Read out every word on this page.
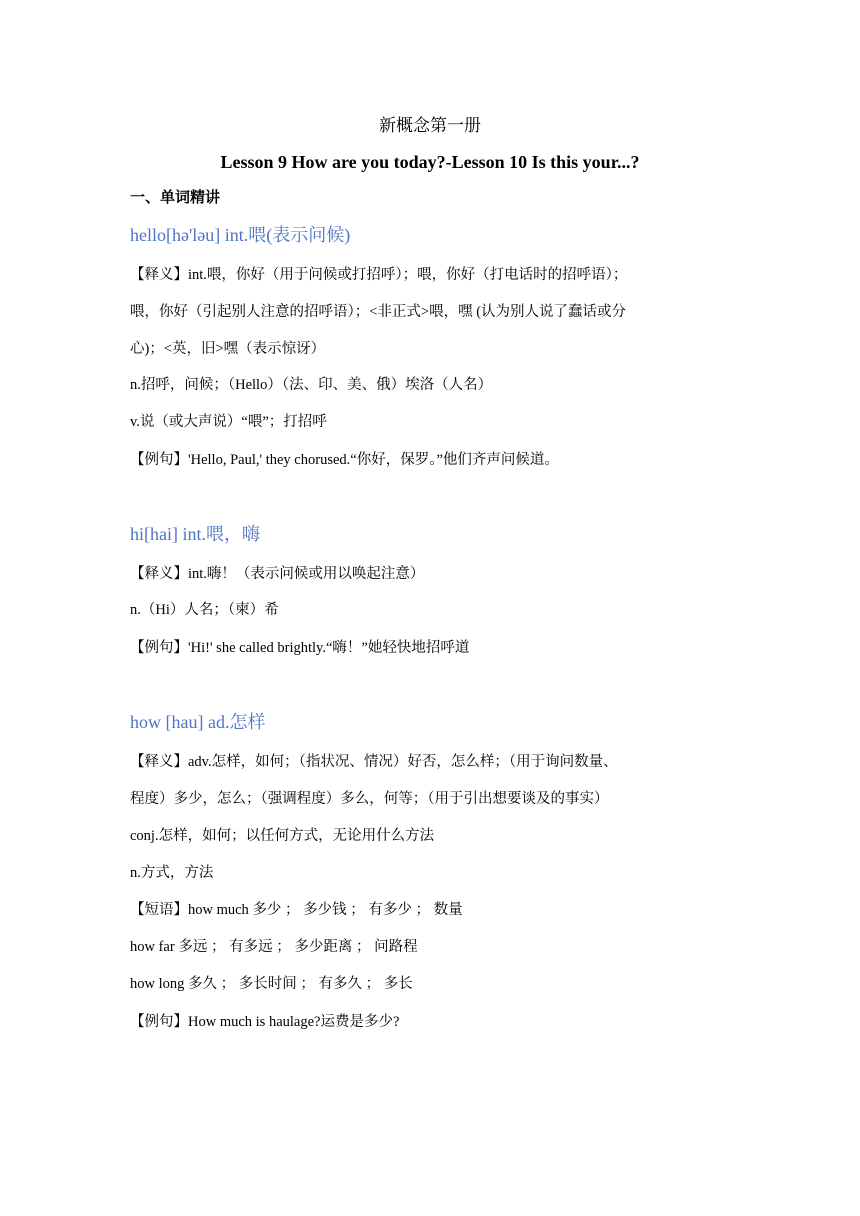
新概念第一册
Lesson 9 How are you today?-Lesson 10 Is this your...?
一、单词精讲
hello[hə'ləu] int.喂(表示问候)
【释义】int.喂，你好（用于问候或打招呼）；喂，你好（打电话时的招呼语）；
喂，你好（引起别人注意的招呼语）；<非正式>喂，嘿 (认为别人说了蠢话或分
心)；<英，旧>嘿（表示惊讶）
n.招呼，问候；（Hello）（法、印、美、俄）埃洛（人名）
v.说（或大声说）“喂”；打招呼
【例句】'Hello, Paul,' they chorused.“你好，保罗。”他们齐声问候道。
hi[hai] int.喂，嗨
【释义】int.嗨！（表示问候或用以唤起注意）
n.（Hi）人名；（柬）希
【例句】'Hi!' she called brightly.“嗨！”她轻快地招呼道
how [hau] ad.怎样
【释义】adv.怎样，如何；（指状况、情况）好否，怎么样；（用于询问数量、
程度）多少，怎么；（强调程度）多么，何等；（用于引出想要谈及的事实）
conj.怎样，如何；以任何方式，无论用什么方法
n.方式，方法
【短语】how much 多少 ； 多少钱 ； 有多少 ； 数量
how far 多远 ； 有多远 ； 多少距离 ； 问路程
how long 多久 ； 多长时间 ； 有多久 ； 多长
【例句】How much is haulage?运费是多少?
